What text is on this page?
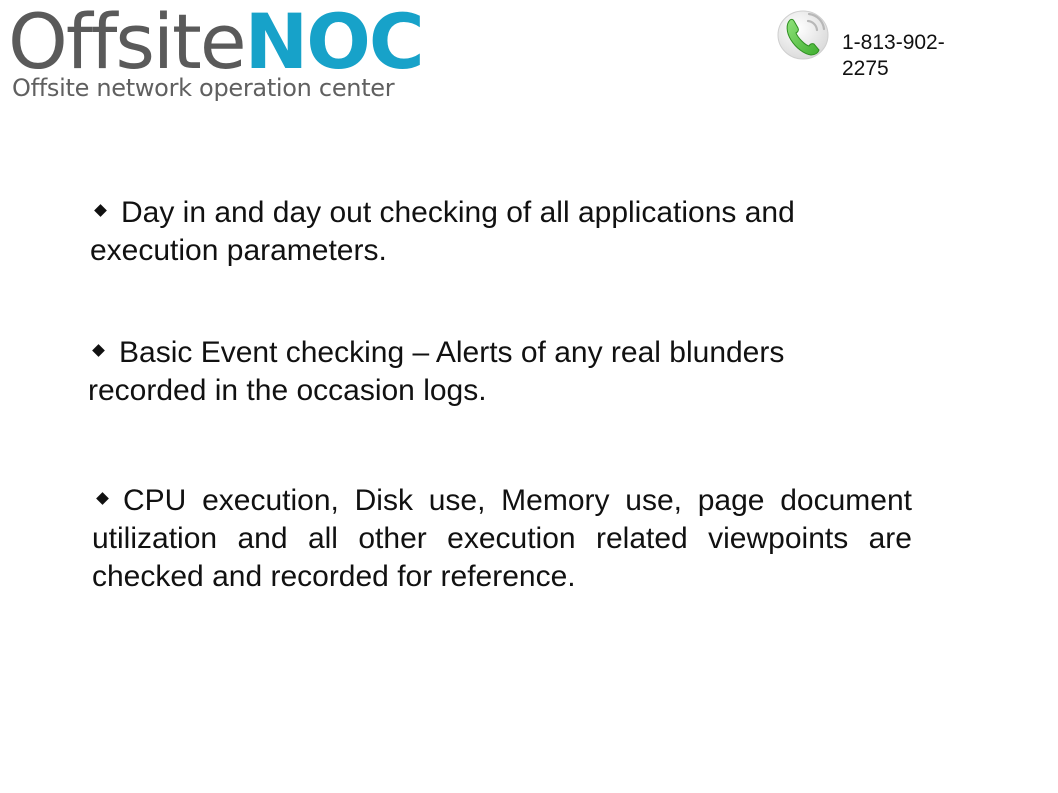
OffsiteNOC
Offsite network operation center
1-813-902-2275
Day in and day out checking of all applications and execution parameters.
Basic Event checking – Alerts of any real blunders recorded in the occasion logs.
CPU execution, Disk use, Memory use, page document utilization and all other execution related viewpoints are checked and recorded for reference.
